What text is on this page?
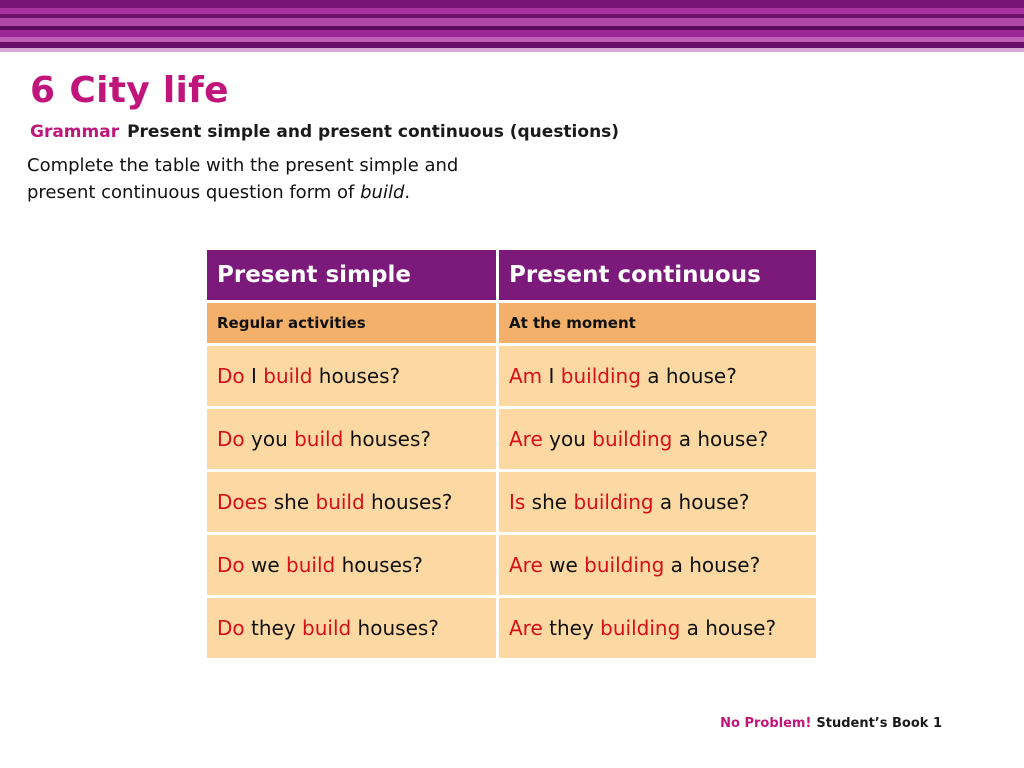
6 City life
Grammar Present simple and present continuous (questions)
Complete the table with the present simple and
present continuous question form of build.
Present simple	Present continuous
Regular activities	At the moment
Do I build houses?	Am I building a house?
Do you build houses?	Are you building a house?
Does she build houses?	Is she building a house?
Do we build houses?	Are we building a house?
Do they build houses?	Are they building a house?
No Problem! Student’s Book 1
